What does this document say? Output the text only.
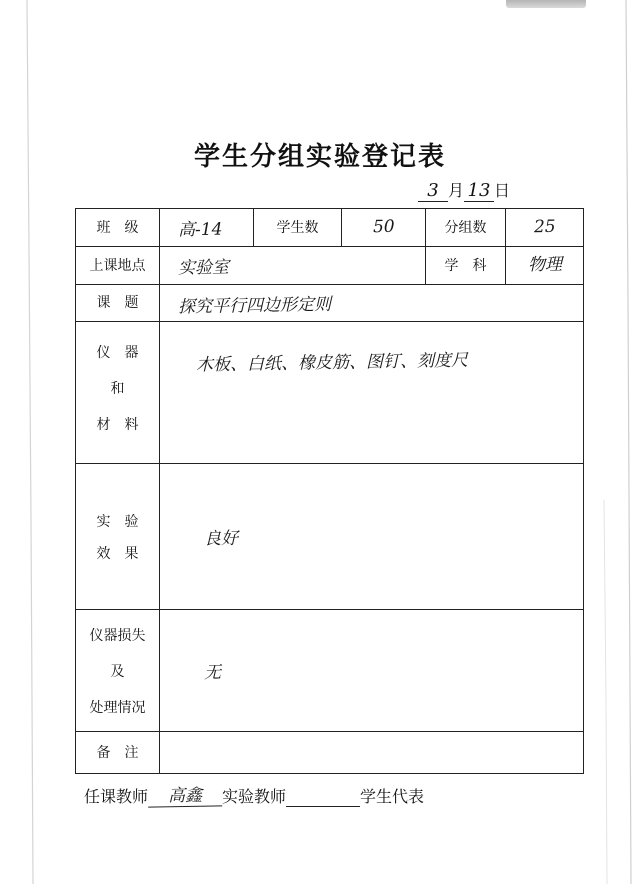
学生分组实验登记表
3 月 13 日
班　级	高-14	学生数	50	分组数	25
上课地点	实验室			学　科	物理
课　题	探究平行四边形定则				

仪　器
和
材　料	木板、白纸、橡皮筋、图钉、刻度尺				

实　验
效　果	良好				

仪器损失
及
处理情况	无				
备　注					
任课教师 高鑫 实验教师	学生代表
